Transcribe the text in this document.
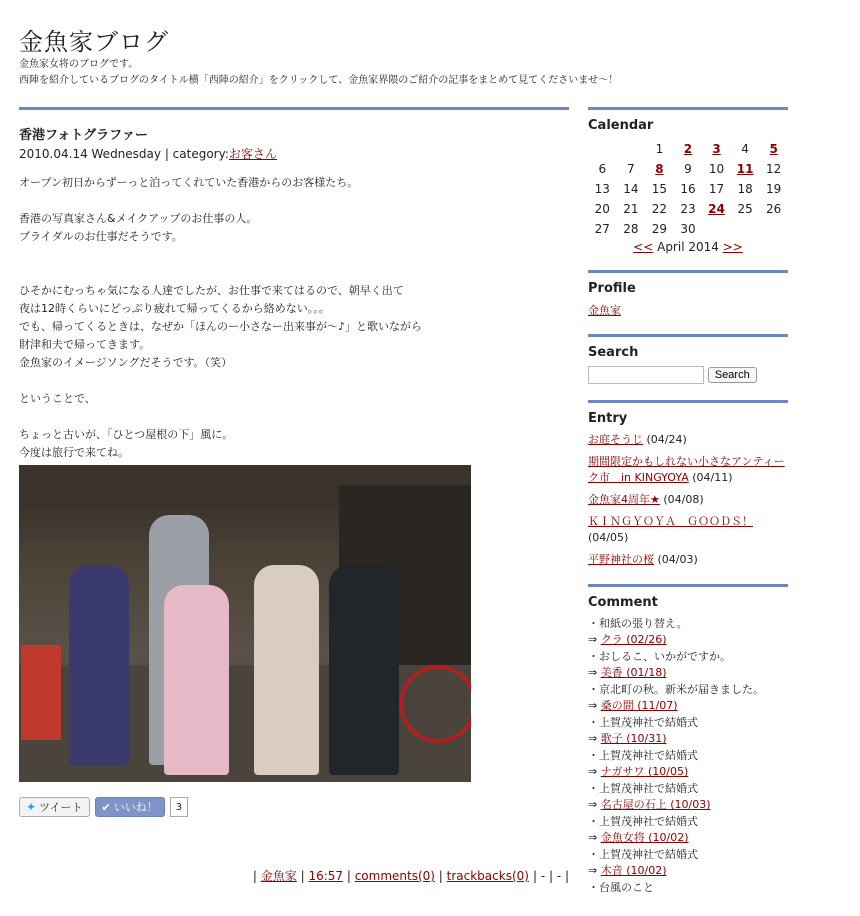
金魚家ブログ
金魚家女将のブログです。
西陣を紹介しているブログのタイトル横「西陣の紹介」をクリックして、金魚家界隈のご紹介の記事をまとめて見てくださいませ～！
香港フォトグラファー
2010.04.14 Wednesday | category:お客さん

オープン初日からずーっと泊ってくれていた香港からのお客様たち。

香港の写真家さん&メイクアップのお仕事の人。

ブライダルのお仕事だそうです。

ひそかにむっちゃ気になる人達でしたが、お仕事で来てはるので、朝早く出て

夜は12時くらいにどっぷり疲れて帰ってくるから絡めない。。。

でも、帰ってくるときは、なぜか「ほんのー小さなー出来事が～♪」と歌いながら

財津和夫で帰ってきます。

金魚家のイメージソングだそうです。（笑）

ということで、

ちょっと古いが、「ひとつ屋根の下」風に。

今度は旅行で来てね。

✦ ツイート ✔ いいね！	3
| 金魚家 | 16:57 | comments(0) | trackbacks(0) | - | - |
Calendar
		1	2	3	4	5
6	7	8	9	10	11	12
13	14	15	16	17	18	19
20	21	22	23	24	25	26
27	28	29	30			
<< April 2014 >>
Profile
金魚家
Search
Search
Entry
お庭そうじ (04/24)
期間限定かもしれない小さなアンティーク市　in KINGYOYA (04/11)
金魚家4周年★ (04/08)
ＫＩＮＧＹＯＹＡ　ＧＯＯＤＳ！ (04/05)
平野神社の桜 (04/03)
Comment
・和紙の張り替え。
⇒ クラ (02/26)
・おしるこ、いかがですか。
⇒ 美香 (01/18)
・京北町の秋。新米が届きました。
⇒ 桑の間 (11/07)
・上賀茂神社で結婚式
⇒ 歌子 (10/31)
・上賀茂神社で結婚式
⇒ ナガサワ (10/05)
・上賀茂神社で結婚式
⇒ 名古屋の石上 (10/03)
・上賀茂神社で結婚式
⇒ 金魚女将 (10/02)
・上賀茂神社で結婚式
⇒ 木音 (10/02)
・台風のこと
